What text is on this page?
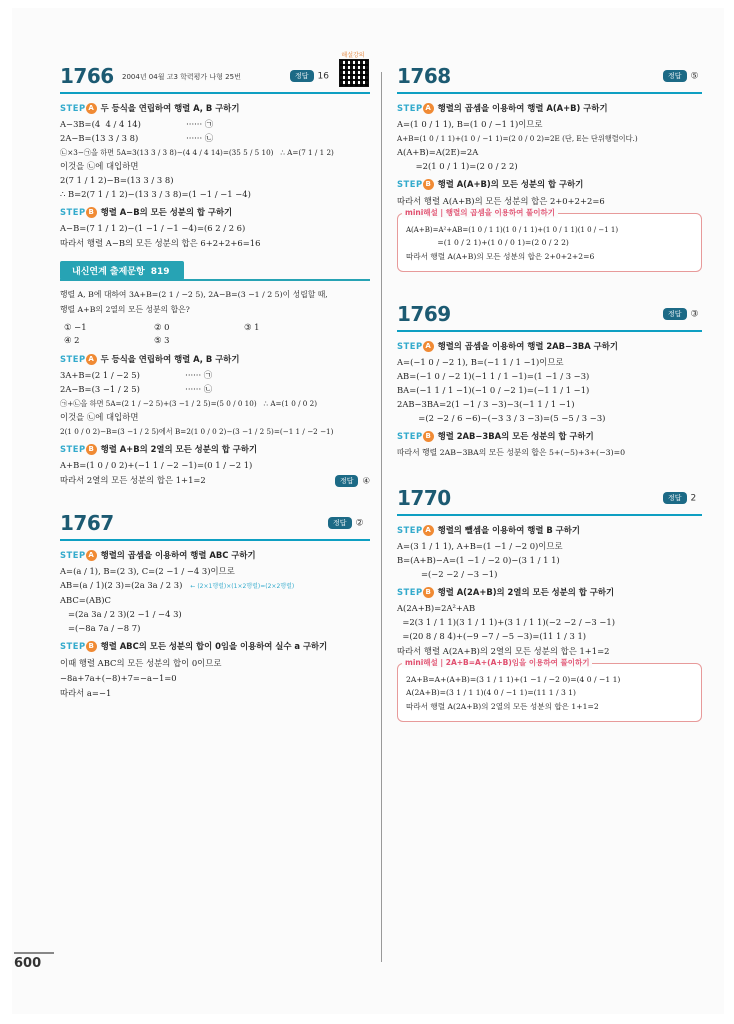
1766 2004년 04월 고3 학력평가 나형 25번	정답 16
해설강의
STEP A 두 등식을 연립하여 행렬 A, B 구하기
A−3B=(4  4 / 4 14)                 ······ ㉠
2A−B=(13 3 / 3 8)                  ······ ㉡
㉡×3−㉠을 하면 5A=3(13 3 / 3 8)−(4 4 / 4 14)=(35 5 / 5 10)   ∴ A=(7 1 / 1 2)
이것을 ㉡에 대입하면
2(7 1 / 1 2)−B=(13 3 / 3 8)
∴ B=2(7 1 / 1 2)−(13 3 / 3 8)=(1 −1 / −1 −4)
STEP B 행렬 A−B의 모든 성분의 합 구하기
A−B=(7 1 / 1 2)−(1 −1 / −1 −4)=(6 2 / 2 6)
따라서 행렬 A−B의 모든 성분의 합은 6+2+2+6=16
내신연계 출제문항 819
행렬 A, B에 대하여 3A+B=(2 1 / −2 5), 2A−B=(3 −1 / 2 5)이 성립할 때,
행렬 A+B의 2열의 모든 성분의 합은?
① −1	② 0	③ 1
④ 2	⑤ 3
STEP A 두 등식을 연립하여 행렬 A, B 구하기
3A+B=(2 1 / −2 5)                 ······ ㉠
2A−B=(3 −1 / 2 5)                 ······ ㉡
㉠+㉡을 하면 5A=(2 1 / −2 5)+(3 −1 / 2 5)=(5 0 / 0 10)   ∴ A=(1 0 / 0 2)
이것을 ㉡에 대입하면
2(1 0 / 0 2)−B=(3 −1 / 2 5)에서 B=2(1 0 / 0 2)−(3 −1 / 2 5)=(−1 1 / −2 −1)
STEP B 행렬 A+B의 2열의 모든 성분의 합 구하기
A+B=(1 0 / 0 2)+(−1 1 / −2 −1)=(0 1 / −2 1)
따라서 2열의 모든 성분의 합은 1+1=2	정답 ④
1767	정답 ②
STEP A 행렬의 곱셈을 이용하여 행렬 ABC 구하기
A=(a / 1), B=(2 3), C=(2 −1 / −4 3)이므로
AB=(a / 1)(2 3)=(2a 3a / 2 3) ← (2×1행렬)×(1×2행렬)=(2×2행렬)
ABC=(AB)C
=(2a 3a / 2 3)(2 −1 / −4 3)
=(−8a 7a / −8 7)
STEP B 행렬 ABC의 모든 성분의 합이 0임을 이용하여 실수 a 구하기
이때 행렬 ABC의 모든 성분의 합이 0이므로
−8a+7a+(−8)+7=−a−1=0
따라서 a=−1
1768	정답 ⑤
STEP A 행렬의 곱셈을 이용하여 행렬 A(A+B) 구하기
A=(1 0 / 1 1), B=(1 0 / −1 1)이므로
A+B=(1 0 / 1 1)+(1 0 / −1 1)=(2 0 / 0 2)=2E (단, E는 단위행렬이다.)
A(A+B)=A(2E)=2A
=2(1 0 / 1 1)=(2 0 / 2 2)
STEP B 행렬 A(A+B)의 모든 성분의 합 구하기
따라서 행렬 A(A+B)의 모든 성분의 합은 2+0+2+2=6
mini해설 | 행렬의 곱셈을 이용하여 풀이하기
A(A+B)=A²+AB=(1 0 / 1 1)(1 0 / 1 1)+(1 0 / 1 1)(1 0 / −1 1)
=(1 0 / 2 1)+(1 0 / 0 1)=(2 0 / 2 2)
따라서 행렬 A(A+B)의 모든 성분의 합은 2+0+2+2=6
1769	정답 ③
STEP A 행렬의 곱셈을 이용하여 행렬 2AB−3BA 구하기
A=(−1 0 / −2 1), B=(−1 1 / 1 −1)이므로
AB=(−1 0 / −2 1)(−1 1 / 1 −1)=(1 −1 / 3 −3)
BA=(−1 1 / 1 −1)(−1 0 / −2 1)=(−1 1 / 1 −1)
2AB−3BA=2(1 −1 / 3 −3)−3(−1 1 / 1 −1)
=(2 −2 / 6 −6)−(−3 3 / 3 −3)=(5 −5 / 3 −3)
STEP B 행렬 2AB−3BA의 모든 성분의 합 구하기
따라서 행렬 2AB−3BA의 모든 성분의 합은 5+(−5)+3+(−3)=0
1770	정답 2
STEP A 행렬의 뺄셈을 이용하여 행렬 B 구하기
A=(3 1 / 1 1), A+B=(1 −1 / −2 0)이므로
B=(A+B)−A=(1 −1 / −2 0)−(3 1 / 1 1)
=(−2 −2 / −3 −1)
STEP B 행렬 A(2A+B)의 2열의 모든 성분의 합 구하기
A(2A+B)=2A²+AB
=2(3 1 / 1 1)(3 1 / 1 1)+(3 1 / 1 1)(−2 −2 / −3 −1)
=(20 8 / 8 4)+(−9 −7 / −5 −3)=(11 1 / 3 1)
따라서 행렬 A(2A+B)의 2열의 모든 성분의 합은 1+1=2
mini해설 | 2A+B=A+(A+B)임을 이용하여 풀이하기
2A+B=A+(A+B)=(3 1 / 1 1)+(1 −1 / −2 0)=(4 0 / −1 1)
A(2A+B)=(3 1 / 1 1)(4 0 / −1 1)=(11 1 / 3 1)
따라서 행렬 A(2A+B)의 2열의 모든 성분의 합은 1+1=2
600
